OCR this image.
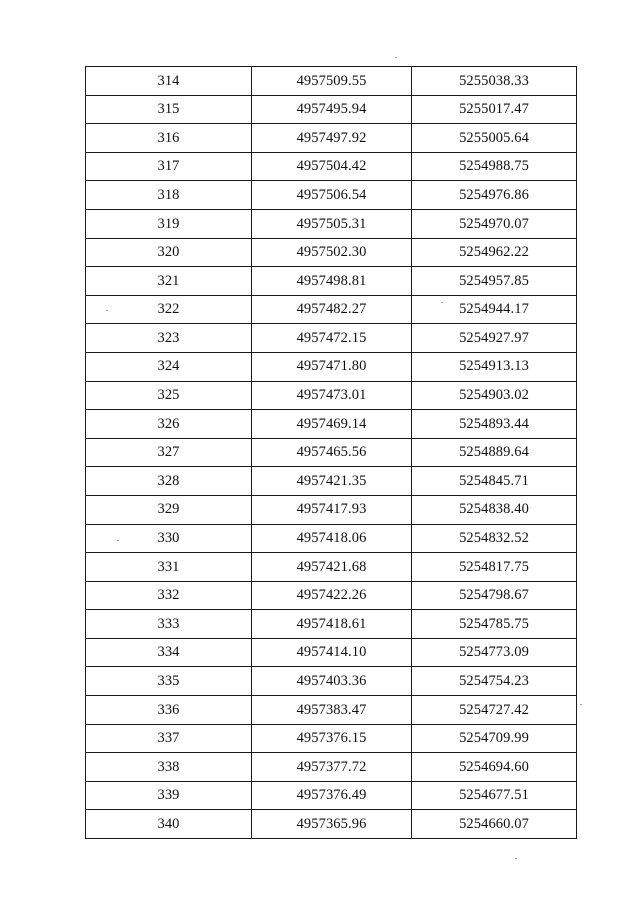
314	4957509.55	5255038.33
315	4957495.94	5255017.47
316	4957497.92	5255005.64
317	4957504.42	5254988.75
318	4957506.54	5254976.86
319	4957505.31	5254970.07
320	4957502.30	5254962.22
321	4957498.81	5254957.85
322	4957482.27	5254944.17
323	4957472.15	5254927.97
324	4957471.80	5254913.13
325	4957473.01	5254903.02
326	4957469.14	5254893.44
327	4957465.56	5254889.64
328	4957421.35	5254845.71
329	4957417.93	5254838.40
330	4957418.06	5254832.52
331	4957421.68	5254817.75
332	4957422.26	5254798.67
333	4957418.61	5254785.75
334	4957414.10	5254773.09
335	4957403.36	5254754.23
336	4957383.47	5254727.42
337	4957376.15	5254709.99
338	4957377.72	5254694.60
339	4957376.49	5254677.51
340	4957365.96	5254660.07
